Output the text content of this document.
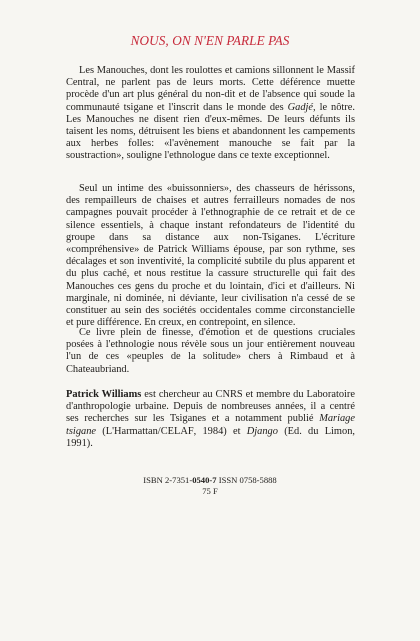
NOUS, ON N'EN PARLE PAS

Les Manouches, dont les roulottes et camions sillonnent le Massif Central, ne parlent pas de leurs morts. Cette déférence muette procède d'un art plus général du non-dit et de l'absence qui soude la communauté tsigane et l'inscrit dans le monde des Gadjé, le nôtre. Les Manouches ne disent rien d'eux-mêmes. De leurs défunts ils taisent les noms, détruisent les biens et abandonnent les campements aux herbes folles: «l'avènement manouche se fait par la soustraction», souligne l'ethnologue dans ce texte exceptionnel.

Seul un intime des «buissonniers», des chasseurs de hérissons, des rempailleurs de chaises et autres ferrailleurs nomades de nos campagnes pouvait procéder à l'ethnographie de ce retrait et de ce silence essentiels, à chaque instant refondateurs de l'identité du groupe dans sa distance aux non-Tsiganes. L'écriture «compréhensive» de Patrick Williams épouse, par son rythme, ses décalages et son inventivité, la complicité subtile du plus apparent et du plus caché, et nous restitue la cassure structurelle qui fait des Manouches ces gens du proche et du lointain, d'ici et d'ailleurs. Ni marginale, ni dominée, ni déviante, leur civilisation n'a cessé de se constituer au sein des sociétés occidentales comme circonstancielle et pure différence. En creux, en contrepoint, en silence.

Ce livre plein de finesse, d'émotion et de questions cruciales posées à l'ethnologie nous révèle sous un jour entièrement nouveau l'un de ces «peuples de la solitude» chers à Rimbaud et à Chateaubriand.

Patrick Williams est chercheur au CNRS et membre du Laboratoire d'anthropologie urbaine. Depuis de nombreuses années, il a centré ses recherches sur les Tsiganes et a notamment publié Mariage tsigane (L'Harmattan/CELAF, 1984) et Django (Ed. du Limon, 1991).

ISBN 2-7351-0540-7 ISSN 0758-5888
75 F
